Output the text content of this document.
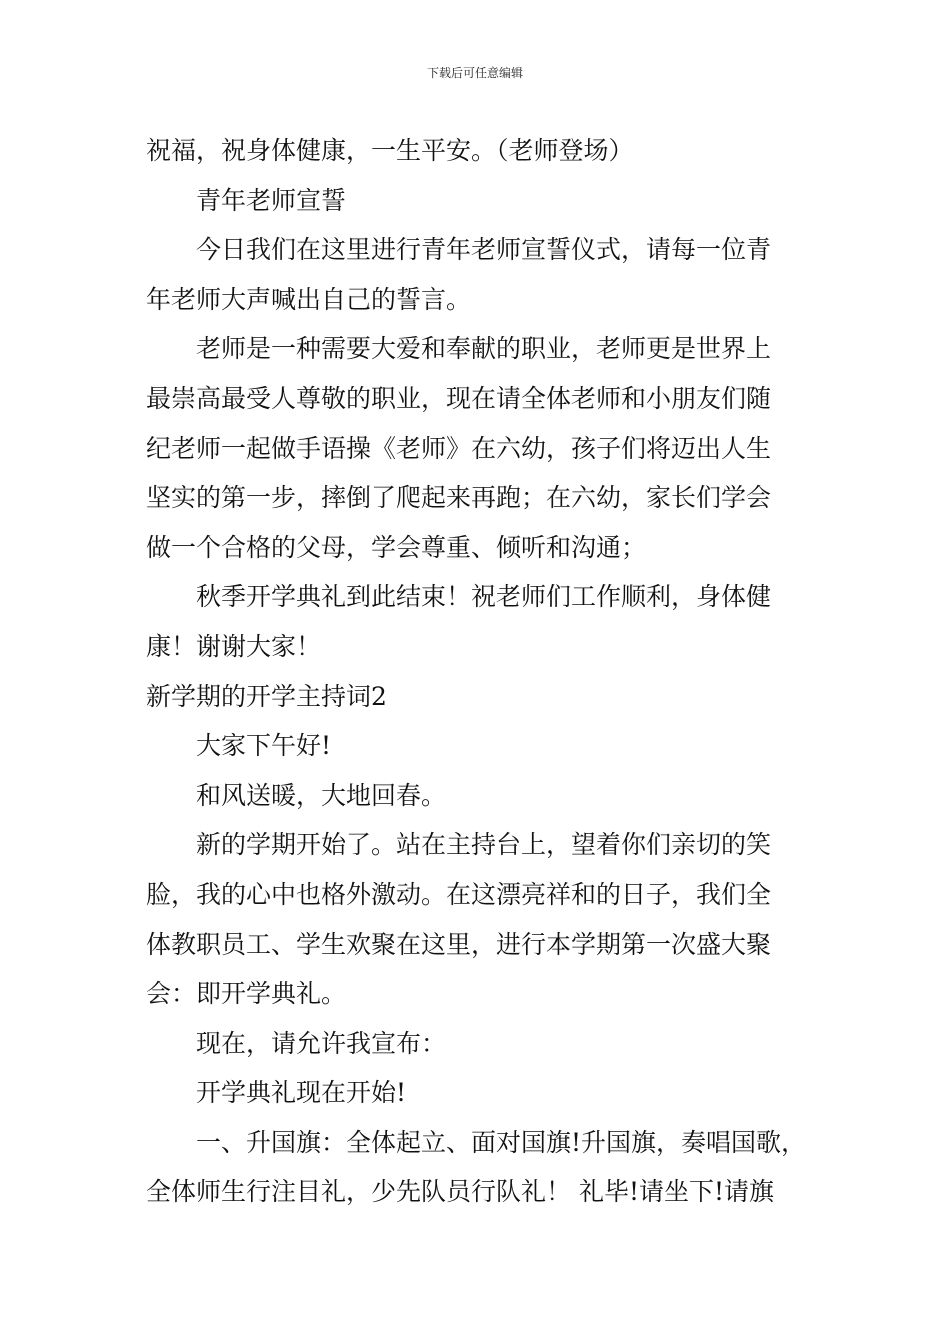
下载后可任意编辑
祝福，祝身体健康，一生平安。（老师登场）
青年老师宣誓
今日我们在这里进行青年老师宣誓仪式，请每一位青
年老师大声喊出自己的誓言。
老师是一种需要大爱和奉献的职业，老师更是世界上
最崇高最受人尊敬的职业，现在请全体老师和小朋友们随
纪老师一起做手语操《老师》在六幼，孩子们将迈出人生
坚实的第一步，摔倒了爬起来再跑；在六幼，家长们学会
做一个合格的父母，学会尊重、倾听和沟通；
秋季开学典礼到此结束！祝老师们工作顺利，身体健
康！谢谢大家！
新学期的开学主持词2
大家下午好!
和风送暖，大地回春。
新的学期开始了。站在主持台上，望着你们亲切的笑
脸，我的心中也格外激动。在这漂亮祥和的日子，我们全
体教职员工、学生欢聚在这里，进行本学期第一次盛大聚
会：即开学典礼。
现在，请允许我宣布：
开学典礼现在开始!
一、升国旗：全体起立、面对国旗!升国旗，奏唱国歌，
全体师生行注目礼，少先队员行队礼！ 礼毕!请坐下!请旗
